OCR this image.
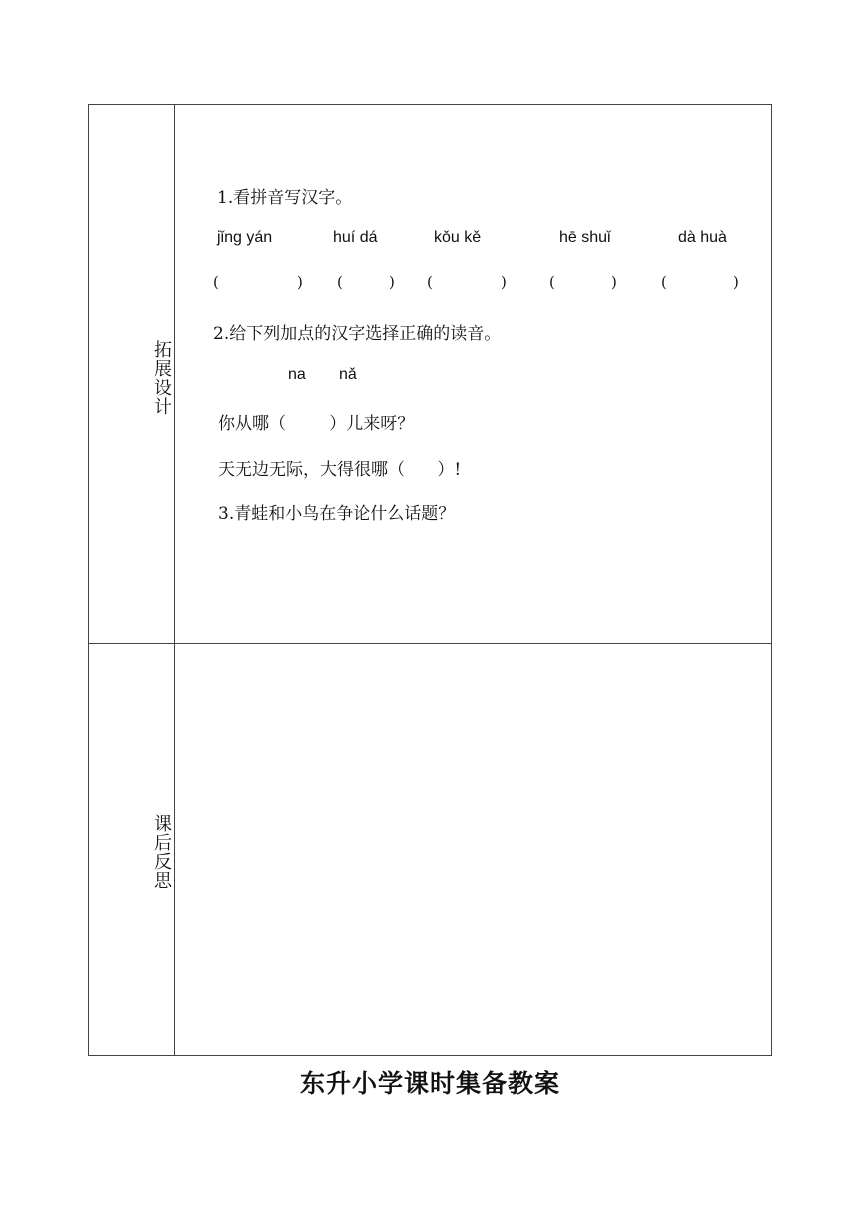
拓展设计
课后反思
1.看拼音写汉字。
jǐng yán	huí dá	kǒu kě	hē shuǐ	dà huà
(	) (	) (	)	(	)	(	)
2.给下列加点的汉字选择正确的读音。
na nǎ
你从哪（        ）儿来呀？
天无边无际，大得很哪（      ）!
3.青蛙和小鸟在争论什么话题？
东升小学课时集备教案
